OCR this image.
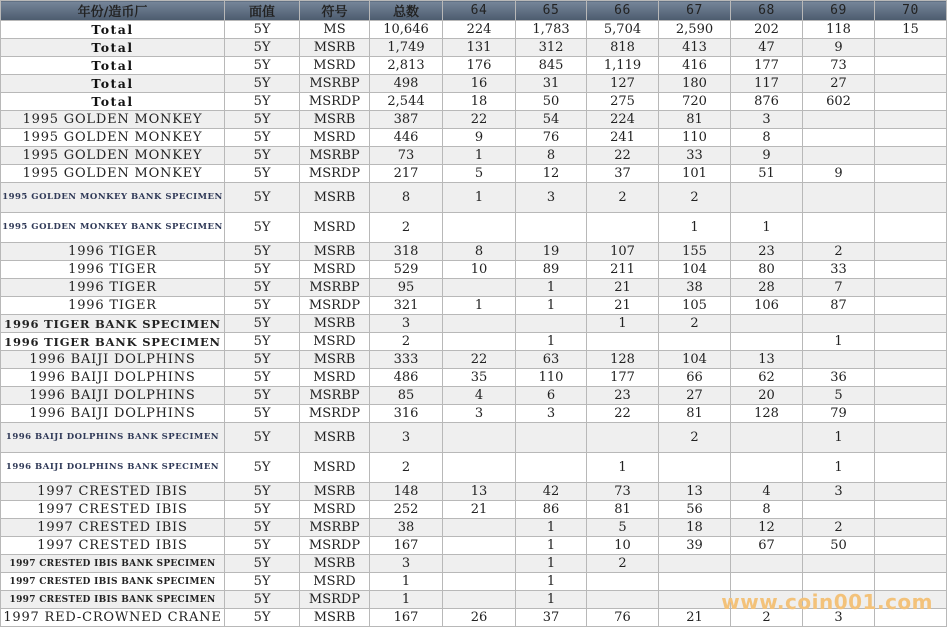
年份/造币厂	面值	符号	总数	64	65	66	67	68	69	70
Total	5Y	MS	10,646	224	1,783	5,704	2,590	202	118	15
Total	5Y	MSRB	1,749	131	312	818	413	47	9	
Total	5Y	MSRD	2,813	176	845	1,119	416	177	73	
Total	5Y	MSRBP	498	16	31	127	180	117	27	
Total	5Y	MSRDP	2,544	18	50	275	720	876	602	
1995 GOLDEN MONKEY	5Y	MSRB	387	22	54	224	81	3		
1995 GOLDEN MONKEY	5Y	MSRD	446	9	76	241	110	8		
1995 GOLDEN MONKEY	5Y	MSRBP	73	1	8	22	33	9		
1995 GOLDEN MONKEY	5Y	MSRDP	217	5	12	37	101	51	9	
1995 GOLDEN MONKEY BANK SPECIMEN	5Y	MSRB	8	1	3	2	2			
1995 GOLDEN MONKEY BANK SPECIMEN	5Y	MSRD	2				1	1		
1996 TIGER	5Y	MSRB	318	8	19	107	155	23	2	
1996 TIGER	5Y	MSRD	529	10	89	211	104	80	33	
1996 TIGER	5Y	MSRBP	95		1	21	38	28	7	
1996 TIGER	5Y	MSRDP	321	1	1	21	105	106	87	
1996 TIGER BANK SPECIMEN	5Y	MSRB	3			1	2			
1996 TIGER BANK SPECIMEN	5Y	MSRD	2		1				1	
1996 BAIJI DOLPHINS	5Y	MSRB	333	22	63	128	104	13		
1996 BAIJI DOLPHINS	5Y	MSRD	486	35	110	177	66	62	36	
1996 BAIJI DOLPHINS	5Y	MSRBP	85	4	6	23	27	20	5	
1996 BAIJI DOLPHINS	5Y	MSRDP	316	3	3	22	81	128	79	
1996 BAIJI DOLPHINS BANK SPECIMEN	5Y	MSRB	3				2		1	
1996 BAIJI DOLPHINS BANK SPECIMEN	5Y	MSRD	2			1			1	
1997 CRESTED IBIS	5Y	MSRB	148	13	42	73	13	4	3	
1997 CRESTED IBIS	5Y	MSRD	252	21	86	81	56	8		
1997 CRESTED IBIS	5Y	MSRBP	38		1	5	18	12	2	
1997 CRESTED IBIS	5Y	MSRDP	167		1	10	39	67	50	
1997 CRESTED IBIS BANK SPECIMEN	5Y	MSRB	3		1	2				
1997 CRESTED IBIS BANK SPECIMEN	5Y	MSRD	1		1					
1997 CRESTED IBIS BANK SPECIMEN	5Y	MSRDP	1		1					
1997 RED-CROWNED CRANE	5Y	MSRB	167	26	37	76	21	2	3	
www.coin001.com
